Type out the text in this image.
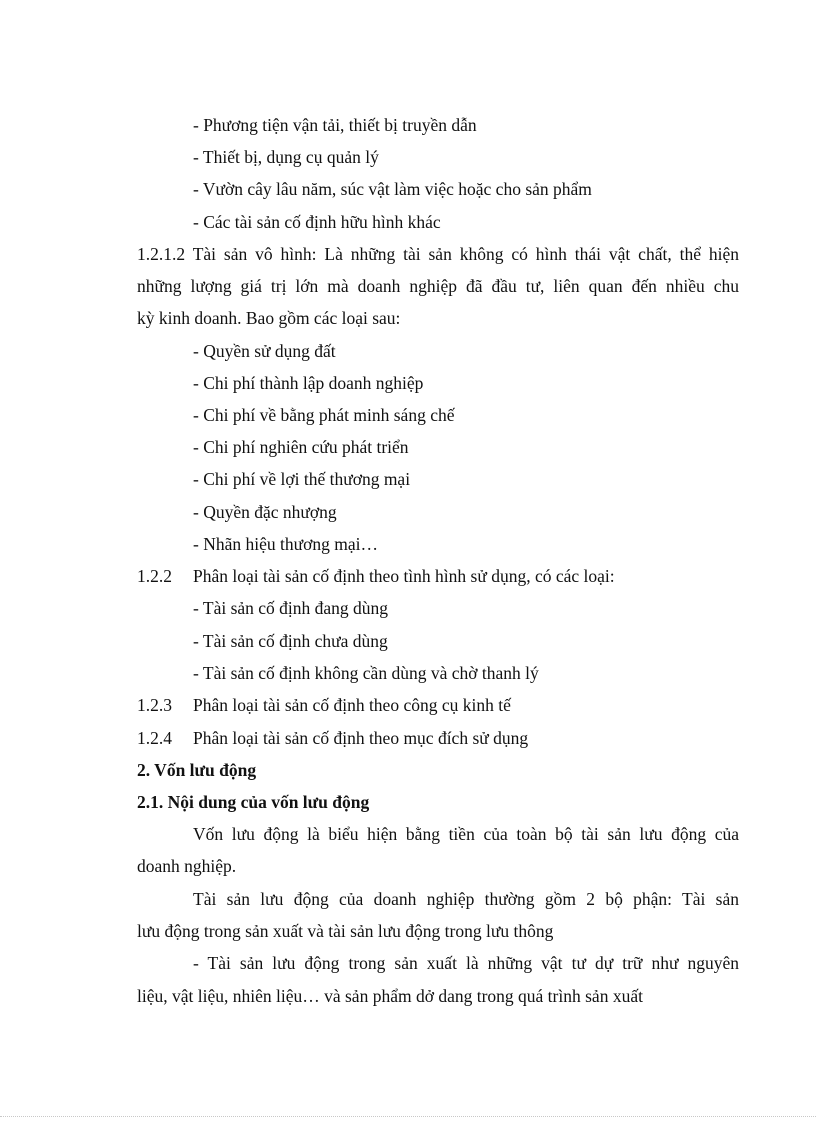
- Phương tiện vận tải, thiết bị truyền dẫn
- Thiết bị, dụng cụ quản lý
- Vườn cây lâu năm, súc vật làm việc hoặc cho sản phẩm
- Các tài sản cố định hữu hình khác
1.2.1.2 Tài sản vô hình: Là những tài sản không có hình thái vật chất, thể hiện
những lượng giá trị lớn mà doanh nghiệp đã đầu tư, liên quan đến nhiều chu
kỳ kinh doanh. Bao gồm các loại sau:
- Quyền sử dụng đất
- Chi phí thành lập doanh nghiệp
- Chi phí về bằng phát minh sáng chế
- Chi phí nghiên cứu phát triển
- Chi phí về lợi thế thương mại
- Quyền đặc nhượng
- Nhãn hiệu thương mại…
1.2.2 Phân loại tài sản cố định theo tình hình sử dụng, có các loại:
- Tài sản cố định đang dùng
- Tài sản cố định chưa dùng
- Tài sản cố định không cần dùng và chờ thanh lý
1.2.3 Phân loại tài sản cố định theo công cụ kinh tế
1.2.4 Phân loại tài sản cố định theo mục đích sử dụng
2. Vốn lưu động
2.1. Nội dung của vốn lưu động
Vốn lưu động là biểu hiện bằng tiền của toàn bộ tài sản lưu động của
doanh nghiệp.
Tài sản lưu động của doanh nghiệp thường gồm 2 bộ phận: Tài sản
lưu động trong sản xuất và tài sản lưu động trong lưu thông
- Tài sản lưu động trong sản xuất là những vật tư dự trữ như nguyên
liệu, vật liệu, nhiên liệu… và sản phẩm dở dang trong quá trình sản xuất
